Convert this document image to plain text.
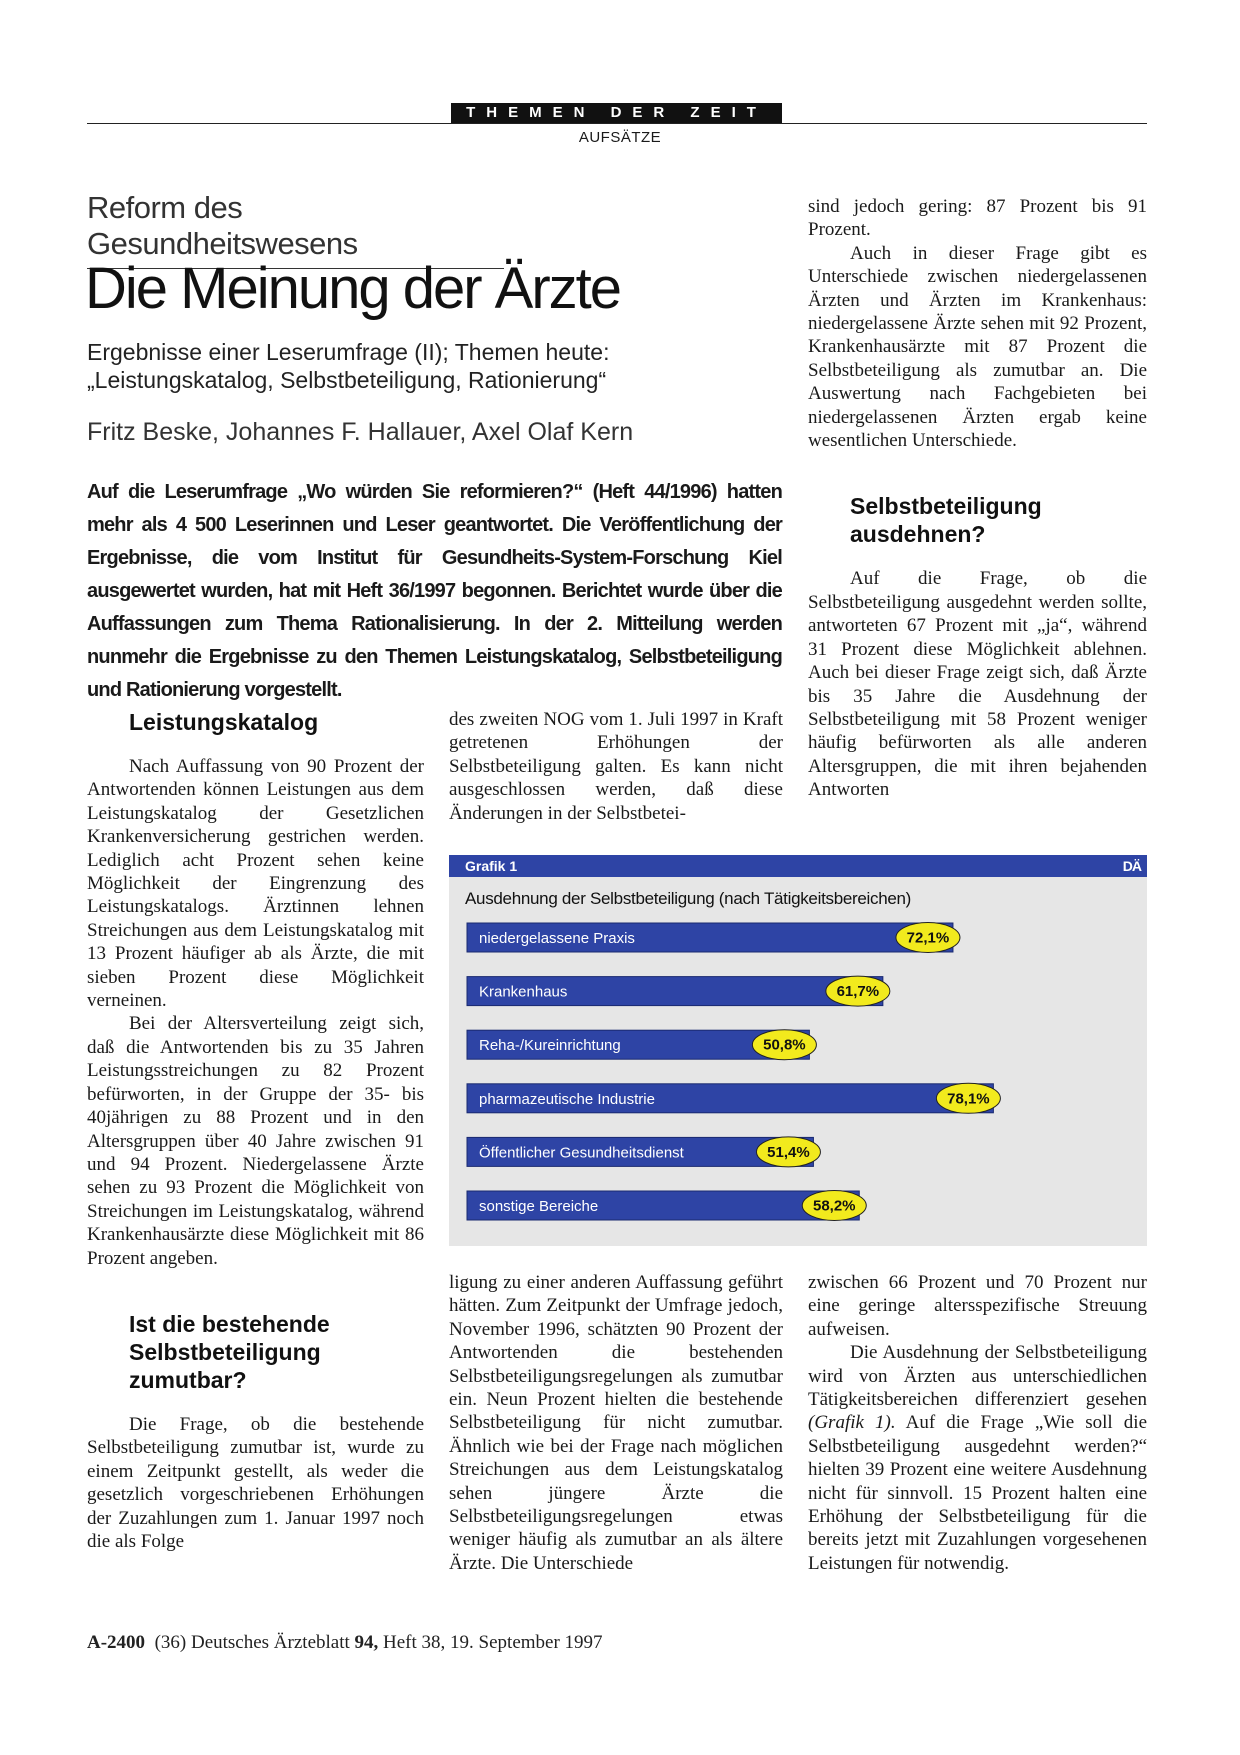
THEMEN DER ZEIT
AUFSÄTZE
Reform des Gesundheitswesens
Die Meinung der Ärzte
Ergebnisse einer Leserumfrage (II); Themen heute:
„Leistungskatalog, Selbstbeteiligung, Rationierung“
Fritz Beske, Johannes F. Hallauer, Axel Olaf Kern
Auf die Leserumfrage „Wo würden Sie reformieren?“ (Heft 44/1996) hatten mehr als 4 500 Leserinnen und Leser geantwortet. Die Veröffentlichung der Ergebnisse, die vom Institut für Gesundheits-System-Forschung Kiel ausgewertet wurden, hat mit Heft 36/1997 begonnen. Berichtet wurde über die Auffassungen zum Thema Rationalisierung. In der 2. Mitteilung werden nunmehr die Ergebnisse zu den Themen Leistungskatalog, Selbstbeteiligung und Rationierung vorgestellt.
Leistungskatalog

Nach Auffassung von 90 Prozent der Antwortenden können Leistungen aus dem Leistungskatalog der Gesetzlichen Krankenversicherung gestrichen werden. Lediglich acht Prozent sehen keine Möglichkeit der Eingrenzung des Leistungskatalogs. Ärztinnen lehnen Streichungen aus dem Leistungskatalog mit 13 Prozent häufiger ab als Ärzte, die mit sieben Prozent diese Möglichkeit verneinen.

Bei der Altersverteilung zeigt sich, daß die Antwortenden bis zu 35 Jahren Leistungsstreichungen zu 82 Prozent befürworten, in der Gruppe der 35- bis 40jährigen zu 88 Prozent und in den Altersgruppen über 40 Jahre zwischen 91 und 94 Prozent. Niedergelassene Ärzte sehen zu 93 Prozent die Möglichkeit von Streichungen im Leistungskatalog, während Krankenhausärzte diese Möglichkeit mit 86 Prozent angeben.

Ist die bestehende Selbstbeteiligung zumutbar?

Die Frage, ob die bestehende Selbstbeteiligung zumutbar ist, wurde zu einem Zeitpunkt gestellt, als weder die gesetzlich vorgeschriebenen Erhöhungen der Zuzahlungen zum 1. Januar 1997 noch die als Folge

des zweiten NOG vom 1. Juli 1997 in Kraft getretenen Erhöhungen der Selbstbeteiligung galten. Es kann nicht ausgeschlossen werden, daß diese Änderungen in der Selbstbetei-

sind jedoch gering: 87 Prozent bis 91 Prozent.

Auch in dieser Frage gibt es Unterschiede zwischen niedergelassenen Ärzten und Ärzten im Krankenhaus: niedergelassene Ärzte sehen mit 92 Prozent, Krankenhausärzte mit 87 Prozent die Selbstbeteiligung als zumutbar an. Die Auswertung nach Fachgebieten bei niedergelassenen Ärzten ergab keine wesentlichen Unterschiede.

Selbstbeteiligung ausdehnen?

Auf die Frage, ob die Selbstbeteiligung ausgedehnt werden sollte, antworteten 67 Prozent mit „ja“, während 31 Prozent diese Möglichkeit ablehnen. Auch bei dieser Frage zeigt sich, daß Ärzte bis 35 Jahre die Ausdehnung der Selbstbeteiligung mit 58 Prozent weniger häufig befürworten als alle anderen Altersgruppen, die mit ihren bejahenden Antworten

Grafik 1	DÄ
Ausdehnung der Selbstbeteiligung (nach Tätigkeitsbereichen)
niedergelassene Praxis	72,1%
Krankenhaus	61,7%
Reha-/Kureinrichtung	50,8%
pharmazeutische Industrie	78,1%
Öffentlicher Gesundheitsdienst	51,4%
sonstige Bereiche	58,2%

ligung zu einer anderen Auffassung geführt hätten. Zum Zeitpunkt der Umfrage jedoch, November 1996, schätzten 90 Prozent der Antwortenden die bestehenden Selbstbeteiligungsregelungen als zumutbar ein. Neun Prozent hielten die bestehende Selbstbeteiligung für nicht zumutbar. Ähnlich wie bei der Frage nach möglichen Streichungen aus dem Leistungskatalog sehen jüngere Ärzte die Selbstbeteiligungsregelungen etwas weniger häufig als zumutbar an als ältere Ärzte. Die Unterschiede

zwischen 66 Prozent und 70 Prozent nur eine geringe altersspezifische Streuung aufweisen.

Die Ausdehnung der Selbstbeteiligung wird von Ärzten aus unterschiedlichen Tätigkeitsbereichen differenziert gesehen (Grafik 1). Auf die Frage „Wie soll die Selbstbeteiligung ausgedehnt werden?“ hielten 39 Prozent eine weitere Ausdehnung nicht für sinnvoll. 15 Prozent halten eine Erhöhung der Selbstbeteiligung für die bereits jetzt mit Zuzahlungen vorgesehenen Leistungen für notwendig.

A-2400 (36) Deutsches Ärzteblatt 94, Heft 38, 19. September 1997
